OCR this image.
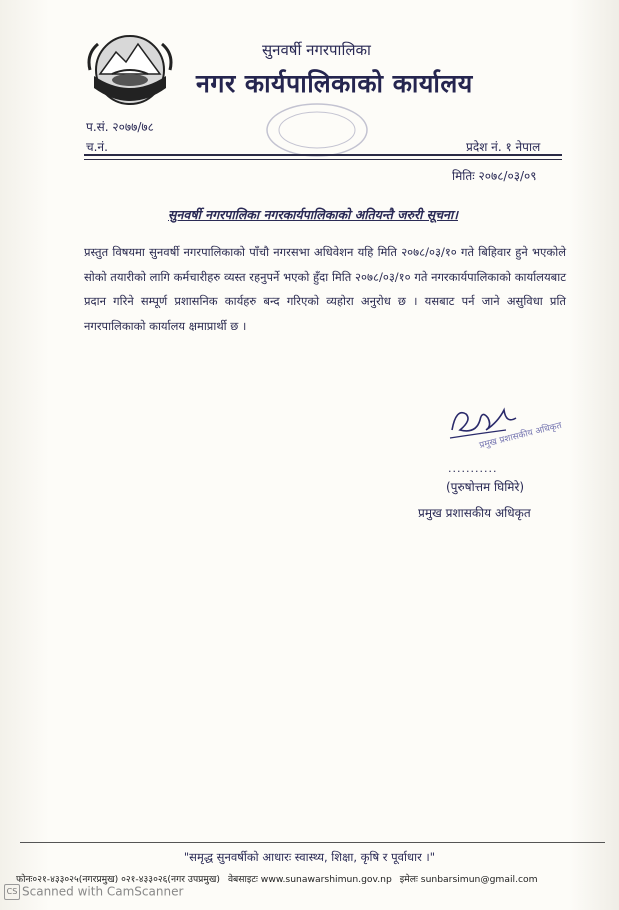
सुनवर्षी नगरपालिका
नगर कार्यपालिकाको कार्यालय
प.सं. २०७७/७८
च.नं.	प्रदेश नं. १ नेपाल
मितिः २०७८/०३/०९
सुनवर्षी नगरपालिका नगरकार्यपालिकाको अतियन्तै जरुरी सूचना।
प्रस्तुत विषयमा सुनवर्षी नगरपालिकाको पाँचौ नगरसभा अधिवेशन यहि मिति २०७८/०३/१० गते बिहिवार हुने भएकोले सोको तयारीको लागि कर्मचारीहरु व्यस्त रहनुपर्ने भएको हुँदा मिति २०७८/०३/१० गते नगरकार्यपालिकाको कार्यालयबाट प्रदान गरिने सम्पूर्ण प्रशासनिक कार्यहरु बन्द गरिएको व्यहोरा अनुरोध छ । यसबाट पर्न जाने असुविधा प्रति नगरपालिकाको कार्यालय क्षमाप्रार्थी छ ।
प्रमुख प्रशासकीय अधिकृत
...........
(पुरुषोत्तम घिमिरे)
प्रमुख प्रशासकीय अधिकृत
"समृद्ध सुनवर्षीको आधारः स्वास्थ्य, शिक्षा, कृषि र पूर्वाधार ।"
फोनः०२१-४३३०२५(नगरप्रमुख) ०२१-४३३०२६(नगर उपप्रमुख) वेबसाइटः www.sunawarshimun.gov.np इमेलः sunbarsimun@gmail.com
CS Scanned with CamScanner
